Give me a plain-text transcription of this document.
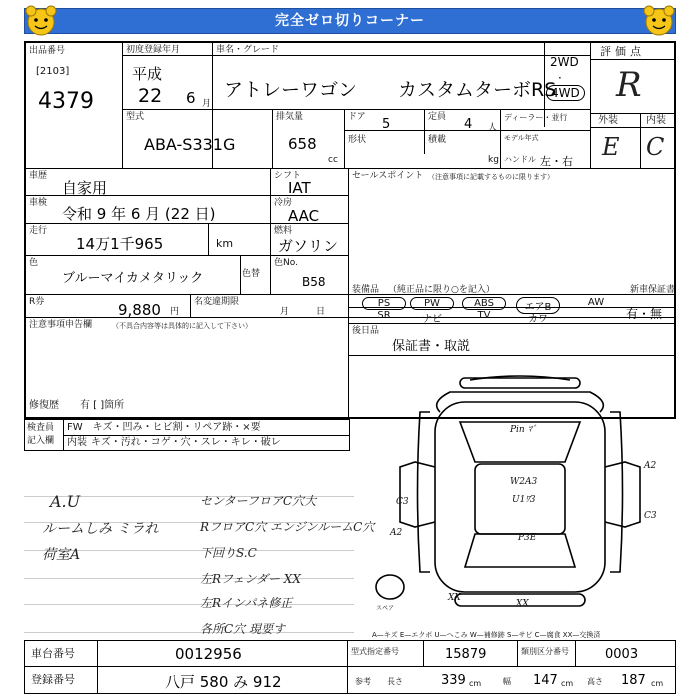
完全ゼロ切りコーナー
出品番号
[2103]
4379
初度登録年月
平成
22 6 月
車名・グレード
アトレーワゴン カスタムターボRS
2WD
·
4WD
評価点
R
外装	内装
E C
型式
ABA-S331G
排気量
658
cc
ドア 5	定員 4 人
形状	積載
kg
ディーラー・並行
モデル年式
ハンドル 左・右
車歴
自家用
車検
令和 9 年 6 月 (22 日)
シフト
IAT
冷房
AAC
走行
14万1千965	km
燃料
ガソリン
色
ブルーマイカメタリック	色替
色No.
B58
R券	9,880 円
名変違期限
月　　　日
注意事項申告欄	（不具合内容等は具体的に記入して下さい）
修復歴 有 [ ]箇所
セールスポイント （注意事項に記載するものに限ります）
装備品 （純正品に限り○を記入）	新車保証書
PS	PW	ABS	エアB	AW
SR	ナビ	TV	カワ	有・無
後日品
保証書・取説
検査員
記入欄
FW　キズ・凹み・ヒビ割・リペア跡・×要
内装 キズ・汚れ・コゲ・穴・スレ・キレ・破レ
A.U
ルームしみ ミラれ
荷室A
センターフロアC穴大
RフロアC穴 エンジンルームC穴
下回りS.C
左Rフェンダー XX
左Rインパネ修正
各所C穴 現要す
Pin ﾏﾞ
W2A3
U1ﾜ3
P3E
A2
C3
C3
A2
XX
XX
スペア
A—キズ E—エクボ U—へこみ W—補修跡 S—サビ C—腐食 XX—交換済
車台番号	0012956
登録番号	八戸 580 み 912
型式指定番号	15879	類別区分番号	0003
参考 長さ	339 cm	幅 147 cm 高さ 187 cm
